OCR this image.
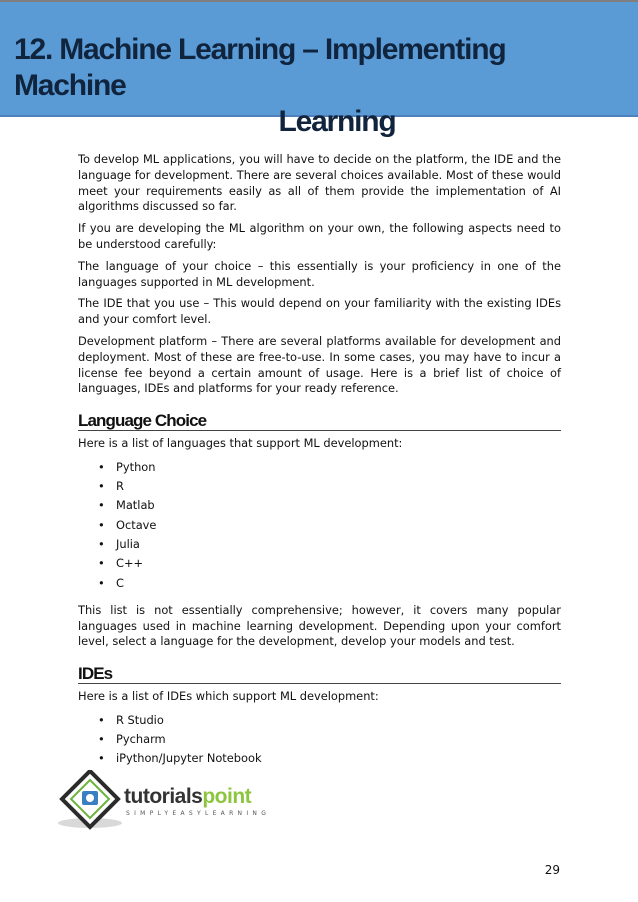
12. Machine Learning – Implementing Machine
Learning

To develop ML applications, you will have to decide on the platform, the IDE and the language for development. There are several choices available. Most of these would meet your requirements easily as all of them provide the implementation of AI algorithms discussed so far.

If you are developing the ML algorithm on your own, the following aspects need to be understood carefully:

The language of your choice – this essentially is your proficiency in one of the languages supported in ML development.

The IDE that you use – This would depend on your familiarity with the existing IDEs and your comfort level.

Development platform – There are several platforms available for development and deployment. Most of these are free-to-use. In some cases, you may have to incur a license fee beyond a certain amount of usage. Here is a brief list of choice of languages, IDEs and platforms for your ready reference.

Language Choice

Here is a list of languages that support ML development:

• Python
• R
• Matlab
• Octave
• Julia
• C++
• C

This list is not essentially comprehensive; however, it covers many popular languages used in machine learning development. Depending upon your comfort level, select a language for the development, develop your models and test.

IDEs

Here is a list of IDEs which support ML development:

• R Studio
• Pycharm
• iPython/Jupyter Notebook
tutorialspoint
SIMPLYEASYLEARNING
29
